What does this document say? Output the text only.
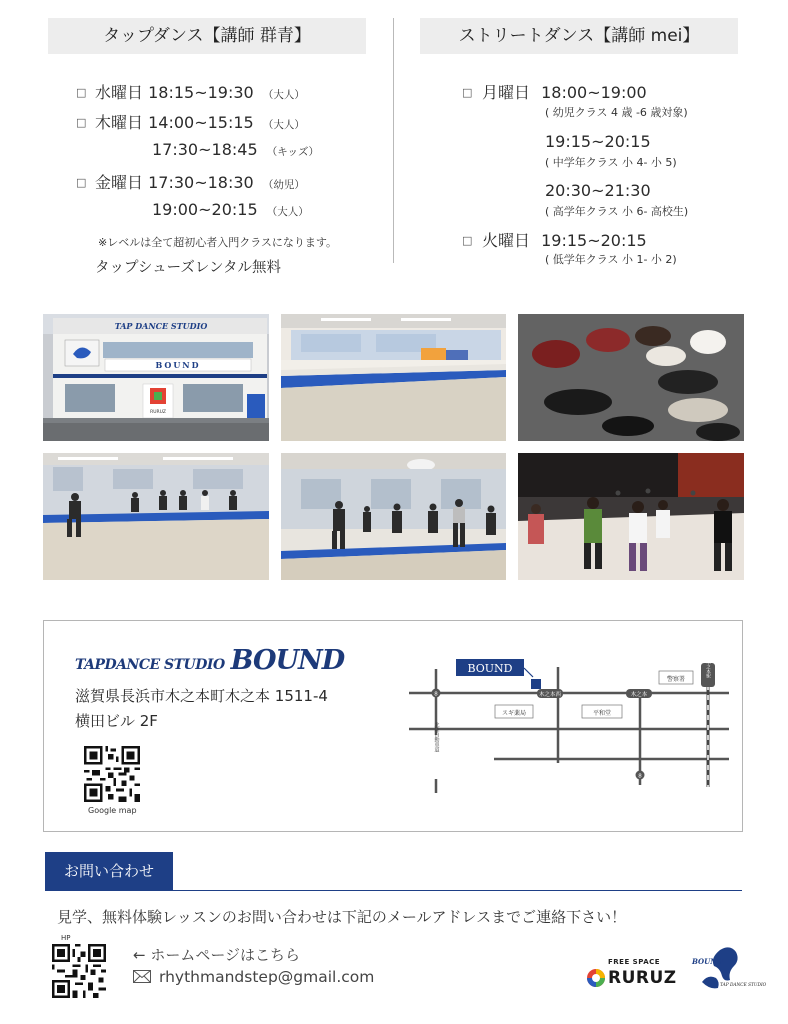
タップダンス【講師 群青】	ストリートダンス【講師 mei】
□ 水曜日 18:15~19:30 （大人）
□ 木曜日 14:00~15:15 （大人）
17:30~18:45 （キッズ）
□ 金曜日 17:30~18:30 （幼児）
19:00~20:15 （大人）
※レベルは全て超初心者入門クラスになります。
タップシューズレンタル無料
□ 月曜日 18:00~19:00
( 幼児クラス 4 歳 -6 歳対象)
19:15~20:15
( 中学年クラス 小 4- 小 5)
20:30~21:30
( 高学年クラス 小 6- 高校生)
□ 火曜日 19:15~20:15
( 低学年クラス 小 1- 小 2)
TAP DANCE STUDIO
BOUND
RURUZ
TAPDANCE STUDIO BOUND
滋賀県長浜市木之本町木之本 1511-4
横田ビル 2F
Google map
BOUND
スギ薬局	平和堂
警察署
木之本西	木之本
木之本駅
北陸自動車道
8
8
お問い合わせ
見学、無料体験レッスンのお問い合わせは下記のメールアドレスまでご連絡下さい！
HP
← ホームページはこちら
rhythmandstep@gmail.com
FREE SPACE
RURUZ
BOUND
TAP DANCE STUDIO
